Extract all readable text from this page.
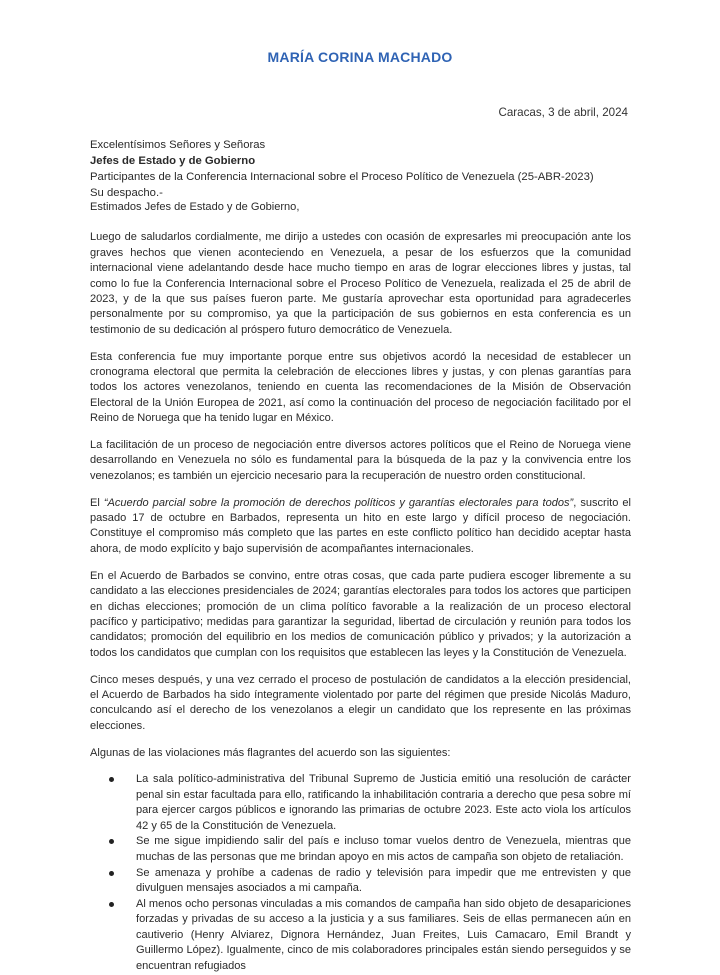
MARÍA CORINA MACHADO
Caracas, 3 de abril, 2024
Excelentísimos Señores y Señoras
Jefes de Estado y de Gobierno
Participantes de la Conferencia Internacional sobre el Proceso Político de Venezuela (25-ABR-2023)
Su despacho.-

Estimados Jefes de Estado y de Gobierno,

Luego de saludarlos cordialmente, me dirijo a ustedes con ocasión de expresarles mi preocupación ante los graves hechos que vienen aconteciendo en Venezuela, a pesar de los esfuerzos que la comunidad internacional viene adelantando desde hace mucho tiempo en aras de lograr elecciones libres y justas, tal como lo fue la Conferencia Internacional sobre el Proceso Político de Venezuela, realizada el 25 de abril de 2023, y de la que sus países fueron parte. Me gustaría aprovechar esta oportunidad para agradecerles personalmente por su compromiso, ya que la participación de sus gobiernos en esta conferencia es un testimonio de su dedicación al próspero futuro democrático de Venezuela.

Esta conferencia fue muy importante porque entre sus objetivos acordó la necesidad de establecer un cronograma electoral que permita la celebración de elecciones libres y justas, y con plenas garantías para todos los actores venezolanos, teniendo en cuenta las recomendaciones de la Misión de Observación Electoral de la Unión Europea de 2021, así como la continuación del proceso de negociación facilitado por el Reino de Noruega que ha tenido lugar en México.

La facilitación de un proceso de negociación entre diversos actores políticos que el Reino de Noruega viene desarrollando en Venezuela no sólo es fundamental para la búsqueda de la paz y la convivencia entre los venezolanos; es también un ejercicio necesario para la recuperación de nuestro orden constitucional.

El “Acuerdo parcial sobre la promoción de derechos políticos y garantías electorales para todos”, suscrito el pasado 17 de octubre en Barbados, representa un hito en este largo y difícil proceso de negociación. Constituye el compromiso más completo que las partes en este conflicto político han decidido aceptar hasta ahora, de modo explícito y bajo supervisión de acompañantes internacionales.

En el Acuerdo de Barbados se convino, entre otras cosas, que cada parte pudiera escoger libremente a su candidato a las elecciones presidenciales de 2024; garantías electorales para todos los actores que participen en dichas elecciones; promoción de un clima político favorable a la realización de un proceso electoral pacífico y participativo; medidas para garantizar la seguridad, libertad de circulación y reunión para todos los candidatos; promoción del equilibrio en los medios de comunicación público y privados; y la autorización a todos los candidatos que cumplan con los requisitos que establecen las leyes y la Constitución de Venezuela.

Cinco meses después, y una vez cerrado el proceso de postulación de candidatos a la elección presidencial, el Acuerdo de Barbados ha sido íntegramente violentado por parte del régimen que preside Nicolás Maduro, conculcando así el derecho de los venezolanos a elegir un candidato que los represente en las próximas elecciones.

Algunas de las violaciones más flagrantes del acuerdo son las siguientes:

La sala político-administrativa del Tribunal Supremo de Justicia emitió una resolución de carácter penal sin estar facultada para ello, ratificando la inhabilitación contraria a derecho que pesa sobre mí para ejercer cargos públicos e ignorando las primarias de octubre 2023. Este acto viola los artículos 42 y 65 de la Constitución de Venezuela.
Se me sigue impidiendo salir del país e incluso tomar vuelos dentro de Venezuela, mientras que muchas de las personas que me brindan apoyo en mis actos de campaña son objeto de retaliación.
Se amenaza y prohíbe a cadenas de radio y televisión para impedir que me entrevisten y que divulguen mensajes asociados a mi campaña.
Al menos ocho personas vinculadas a mis comandos de campaña han sido objeto de desapariciones forzadas y privadas de su acceso a la justicia y a sus familiares. Seis de ellas permanecen aún en cautiverio (Henry Alviarez, Dignora Hernández, Juan Freites, Luis Camacaro, Emil Brandt y Guillermo López). Igualmente, cinco de mis colaboradores principales están siendo perseguidos y se encuentran refugiados
